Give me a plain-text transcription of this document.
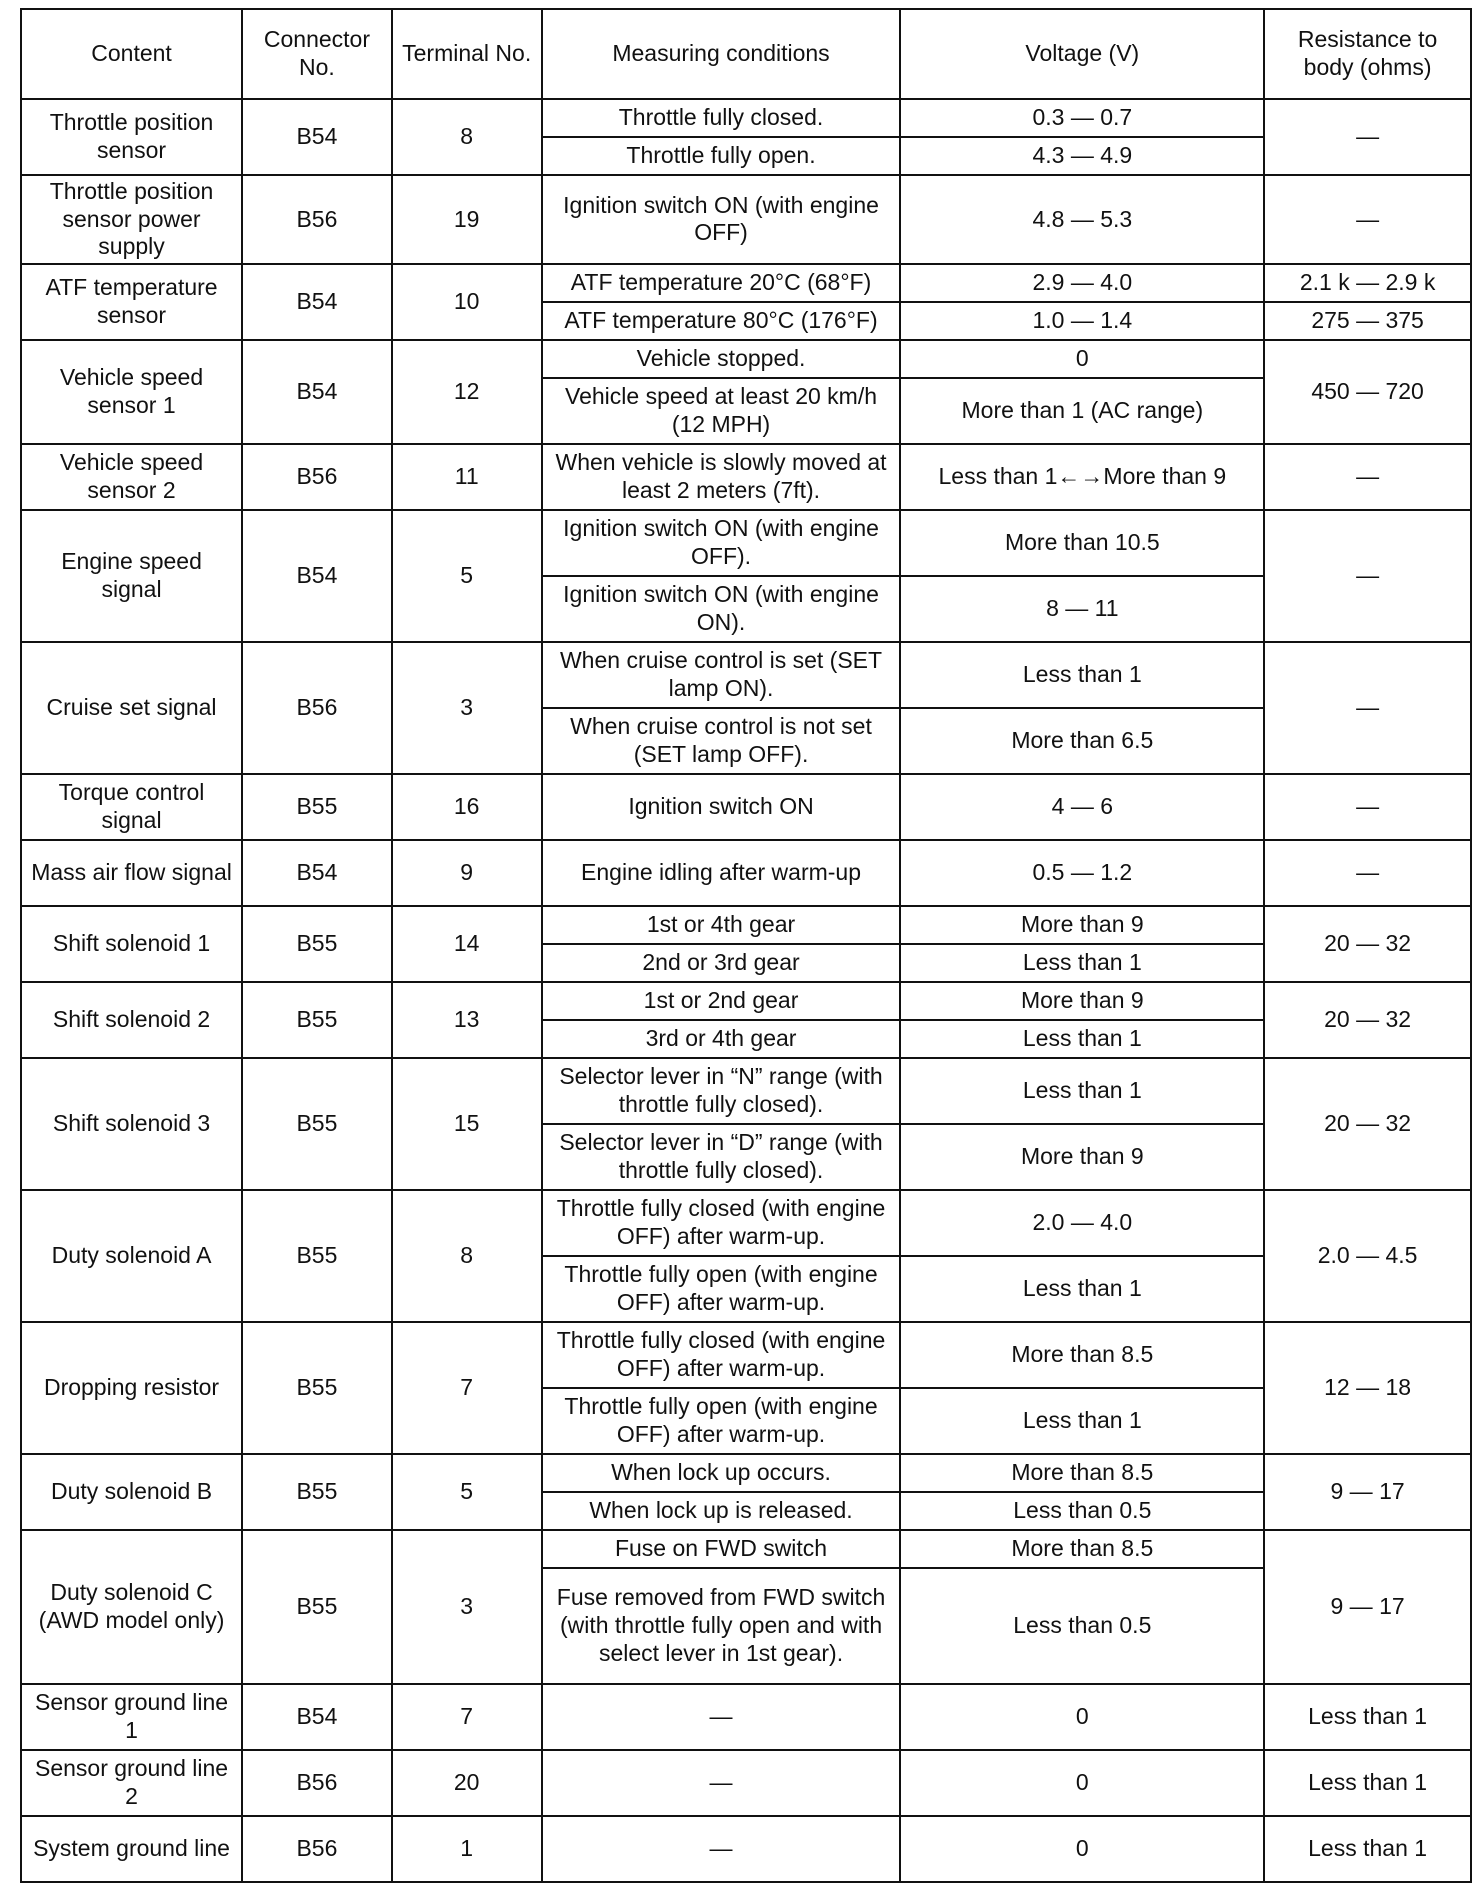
Content	Connector No.	Terminal No.	Measuring conditions	Voltage (V)	Resistance to body (ohms)
Throttle position sensor	B54	8	Throttle fully closed.	0.3 — 0.7	—
			Throttle fully open.	4.3 — 4.9	
Throttle position sensor power supply	B56	19	Ignition switch ON (with engine OFF)	4.8 — 5.3	—
ATF temperature sensor	B54	10	ATF temperature 20°C (68°F)	2.9 — 4.0	2.1 k — 2.9 k
			ATF temperature 80°C (176°F)	1.0 — 1.4	275 — 375
Vehicle speed sensor 1	B54	12	Vehicle stopped.	0	450 — 720
			Vehicle speed at least 20 km/h (12 MPH)	More than 1 (AC range)	
Vehicle speed sensor 2	B56	11	When vehicle is slowly moved at least 2 meters (7ft).	Less than 1←→More than 9	—
Engine speed signal	B54	5	Ignition switch ON (with engine OFF).	More than 10.5	—
			Ignition switch ON (with engine ON).	8 — 11	
Cruise set signal	B56	3	When cruise control is set (SET lamp ON).	Less than 1	—
			When cruise control is not set (SET lamp OFF).	More than 6.5	
Torque control signal	B55	16	Ignition switch ON	4 — 6	—
Mass air flow signal	B54	9	Engine idling after warm-up	0.5 — 1.2	—
Shift solenoid 1	B55	14	1st or 4th gear	More than 9	20 — 32
			2nd or 3rd gear	Less than 1	
Shift solenoid 2	B55	13	1st or 2nd gear	More than 9	20 — 32
			3rd or 4th gear	Less than 1	
Shift solenoid 3	B55	15	Selector lever in “N” range (with throttle fully closed).	Less than 1	20 — 32
			Selector lever in “D” range (with throttle fully closed).	More than 9	
Duty solenoid A	B55	8	Throttle fully closed (with engine OFF) after warm-up.	2.0 — 4.0	2.0 — 4.5
			Throttle fully open (with engine OFF) after warm-up.	Less than 1	
Dropping resistor	B55	7	Throttle fully closed (with engine OFF) after warm-up.	More than 8.5	12 — 18
			Throttle fully open (with engine OFF) after warm-up.	Less than 1	
Duty solenoid B	B55	5	When lock up occurs.	More than 8.5	9 — 17
			When lock up is released.	Less than 0.5	
Duty solenoid C (AWD model only)	B55	3	Fuse on FWD switch	More than 8.5	9 — 17
			Fuse removed from FWD switch (with throttle fully open and with select lever in 1st gear).	Less than 0.5	
Sensor ground line 1	B54	7	—	0	Less than 1
Sensor ground line 2	B56	20	—	0	Less than 1
System ground line	B56	1	—	0	Less than 1
